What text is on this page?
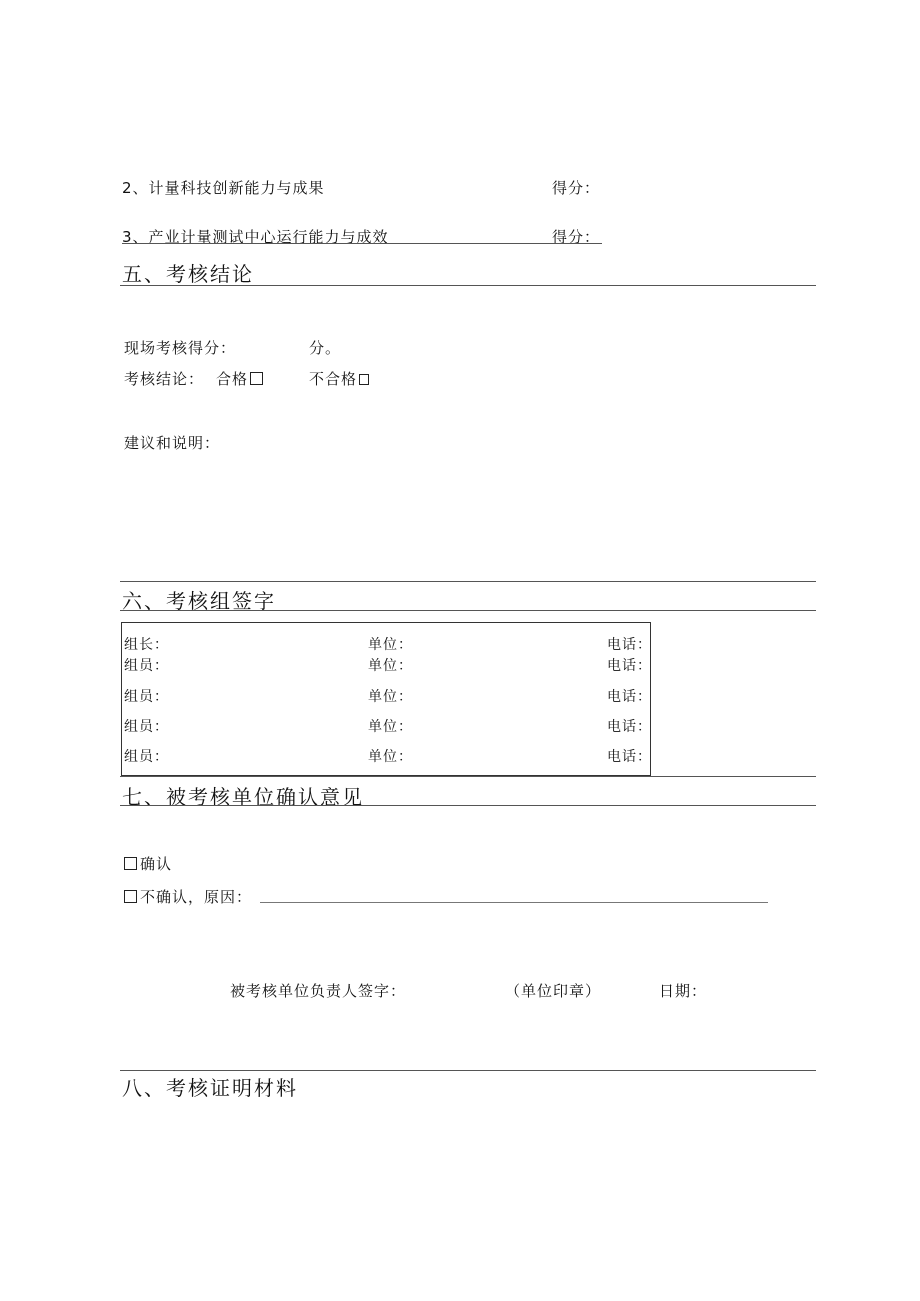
2、计量科技创新能力与成果	得分：
3、产业计量测试中心运行能力与成效	得分：
五、考核结论
现场考核得分：	分。
考核结论： 合格	不合格
建议和说明：
六、考核组签字
组长：	单位：	电话：
组员：	单位：	电话：
组员：	单位：	电话：
组员：	单位：	电话：
组员：	单位：	电话：
七、被考核单位确认意见
确认
不确认，原因：
被考核单位负责人签字：	（单位印章）	日期：
八、考核证明材料
